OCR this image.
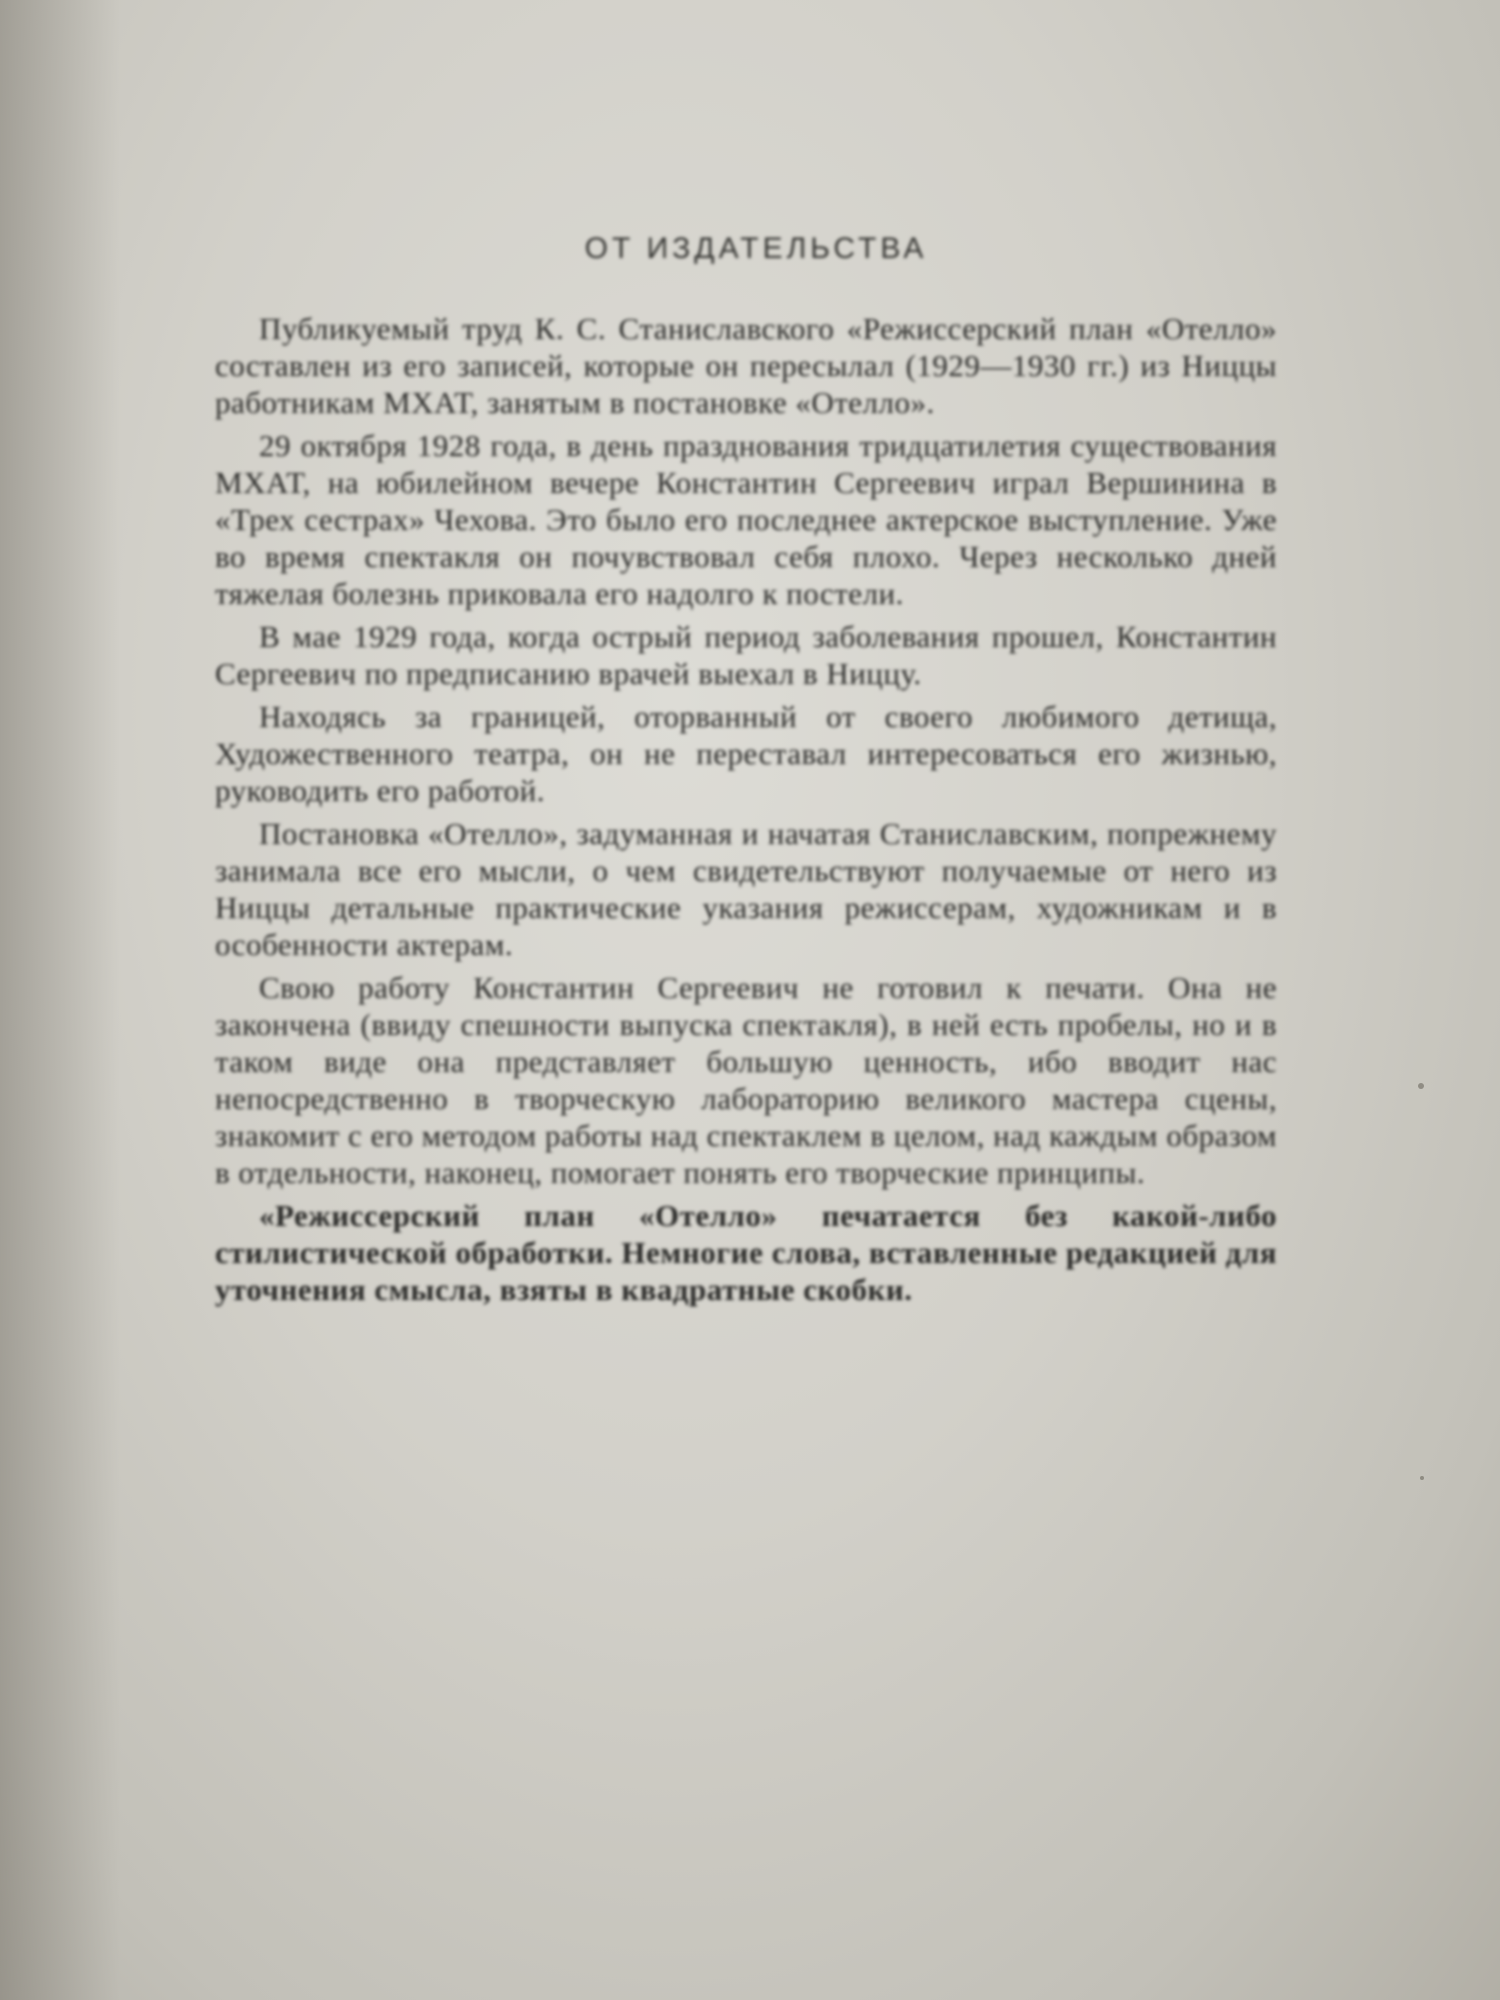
ОТ ИЗДАТЕЛЬСТВА

Публикуемый труд К. С. Станиславского «Режиссерский план «Отелло» составлен из его записей, которые он пересылал (1929—1930 гг.) из Ниццы работникам МХАТ, занятым в постановке «Отелло».

29 октября 1928 года, в день празднования тридцатилетия существования МХАТ, на юбилейном вечере Константин Сергеевич играл Вершинина в «Трех сестрах» Чехова. Это было его последнее актерское выступление. Уже во время спектакля он почувствовал себя плохо. Через несколько дней тяжелая болезнь приковала его надолго к постели.

В мае 1929 года, когда острый период заболевания прошел, Константин Сергеевич по предписанию врачей выехал в Ниццу.

Находясь за границей, оторванный от своего любимого детища, Художественного театра, он не переставал интересоваться его жизнью, руководить его работой.

Постановка «Отелло», задуманная и начатая Станиславским, попрежнему занимала все его мысли, о чем свидетельствуют получаемые от него из Ниццы детальные практические указания режиссерам, художникам и в особенности актерам.

Свою работу Константин Сергеевич не готовил к печати. Она не закончена (ввиду спешности выпуска спектакля), в ней есть пробелы, но и в таком виде она представляет большую ценность, ибо вводит нас непосредственно в творческую лабораторию великого мастера сцены, знакомит с его методом работы над спектаклем в целом, над каждым образом в отдельности, наконец, помогает понять его творческие принципы.

«Режиссерский план «Отелло» печатается без какой-либо стилистической обработки. Немногие слова, вставленные редакцией для уточнения смысла, взяты в квадратные скобки.
